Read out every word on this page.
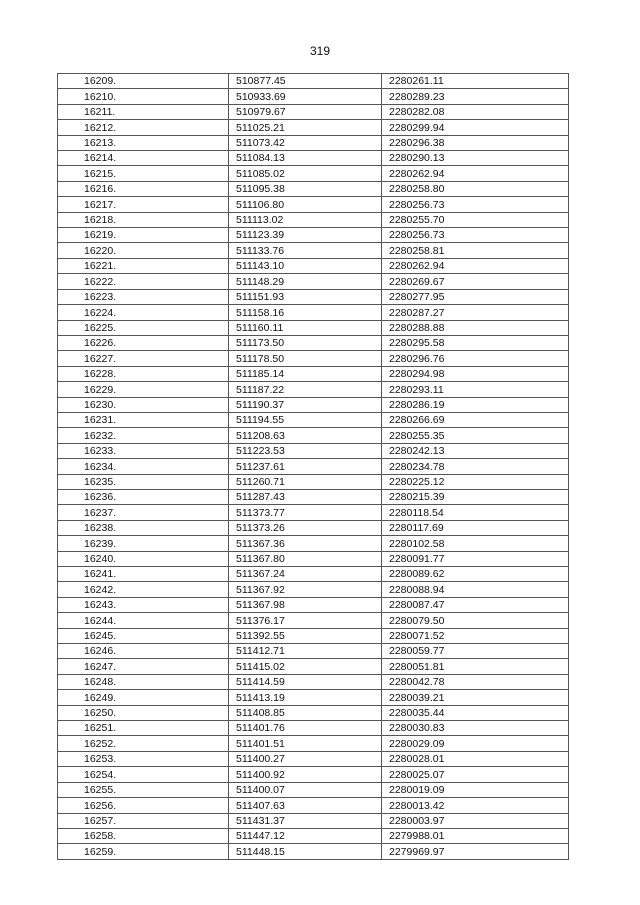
319
16209.	510877.45	2280261.11
16210.	510933.69	2280289.23
16211.	510979.67	2280282.08
16212.	511025.21	2280299.94
16213.	511073.42	2280296.38
16214.	511084.13	2280290.13
16215.	511085.02	2280262.94
16216.	511095.38	2280258.80
16217.	511106.80	2280256.73
16218.	511113.02	2280255.70
16219.	511123.39	2280256.73
16220.	511133.76	2280258.81
16221.	511143.10	2280262.94
16222.	511148.29	2280269.67
16223.	511151.93	2280277.95
16224.	511158.16	2280287.27
16225.	511160.11	2280288.88
16226.	511173.50	2280295.58
16227.	511178.50	2280296.76
16228.	511185.14	2280294.98
16229.	511187.22	2280293.11
16230.	511190.37	2280286.19
16231.	511194.55	2280266.69
16232.	511208.63	2280255.35
16233.	511223.53	2280242.13
16234.	511237.61	2280234.78
16235.	511260.71	2280225.12
16236.	511287.43	2280215.39
16237.	511373.77	2280118.54
16238.	511373.26	2280117.69
16239.	511367.36	2280102.58
16240.	511367.80	2280091.77
16241.	511367.24	2280089.62
16242.	511367.92	2280088.94
16243.	511367.98	2280087.47
16244.	511376.17	2280079.50
16245.	511392.55	2280071.52
16246.	511412.71	2280059.77
16247.	511415.02	2280051.81
16248.	511414.59	2280042.78
16249.	511413.19	2280039.21
16250.	511408.85	2280035.44
16251.	511401.76	2280030.83
16252.	511401.51	2280029.09
16253.	511400.27	2280028.01
16254.	511400.92	2280025.07
16255.	511400.07	2280019.09
16256.	511407.63	2280013.42
16257.	511431.37	2280003.97
16258.	511447.12	2279988.01
16259.	511448.15	2279969.97
